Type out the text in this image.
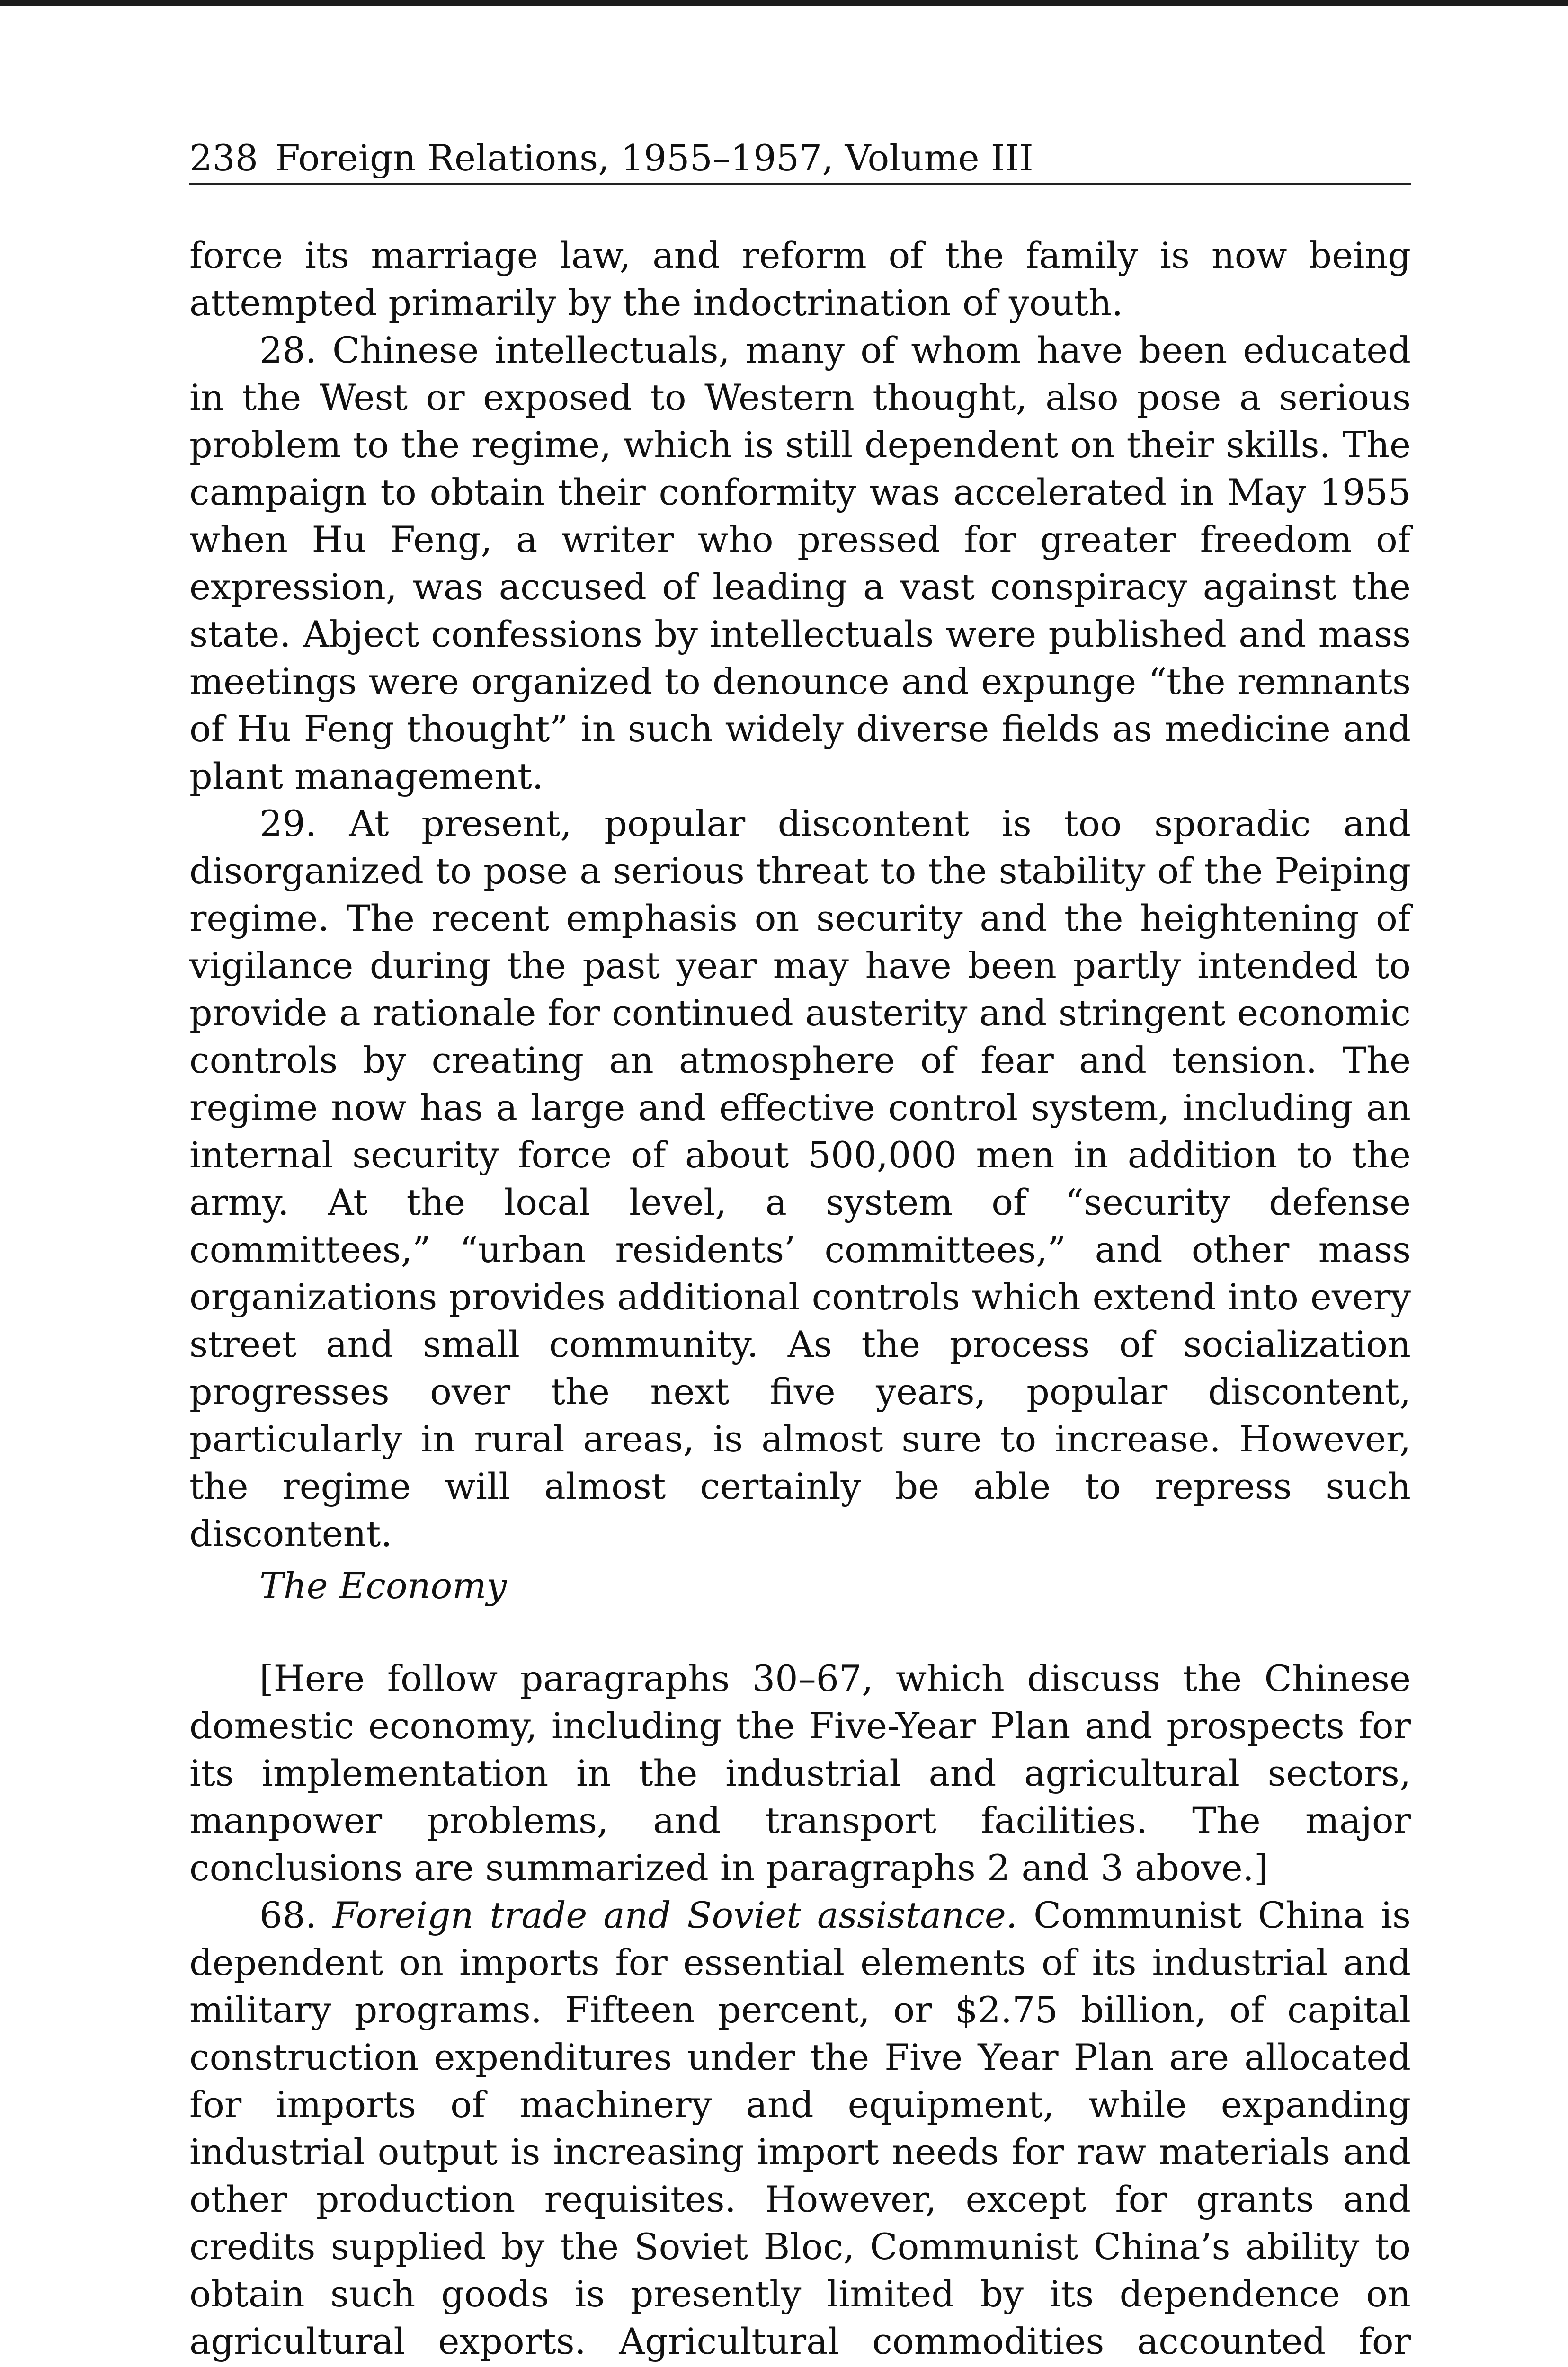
238 Foreign Relations, 1955–1957, Volume III

force its marriage law, and reform of the family is now being attempted primarily by the indoctrination of youth.

28. Chinese intellectuals, many of whom have been educated in the West or exposed to Western thought, also pose a serious problem to the regime, which is still dependent on their skills. The campaign to obtain their conformity was accelerated in May 1955 when Hu Feng, a writer who pressed for greater freedom of expression, was accused of leading a vast conspiracy against the state. Abject confessions by intellectuals were published and mass meetings were organized to denounce and expunge “the remnants of Hu Feng thought” in such widely diverse fields as medicine and plant management.

29. At present, popular discontent is too sporadic and disorganized to pose a serious threat to the stability of the Peiping regime. The recent emphasis on security and the heightening of vigilance during the past year may have been partly intended to provide a rationale for continued austerity and stringent economic controls by creating an atmosphere of fear and tension. The regime now has a large and effective control system, including an internal security force of about 500,000 men in addition to the army. At the local level, a system of “security defense committees,” “urban residents’ committees,” and other mass organizations provides additional controls which extend into every street and small community. As the process of socialization progresses over the next five years, popular discontent, particularly in rural areas, is almost sure to increase. However, the regime will almost certainly be able to repress such discontent.

The Economy

[Here follow paragraphs 30–67, which discuss the Chinese domestic economy, including the Five-Year Plan and prospects for its implementation in the industrial and agricultural sectors, manpower problems, and transport facilities. The major conclusions are summarized in paragraphs 2 and 3 above.]

68. Foreign trade and Soviet assistance. Communist China is dependent on imports for essential elements of its industrial and military programs. Fifteen percent, or $2.75 billion, of capital construction expenditures under the Five Year Plan are allocated for imports of machinery and equipment, while expanding industrial output is increasing import needs for raw materials and other production requisites. However, except for grants and credits supplied by the Soviet Bloc, Communist China’s ability to obtain such goods is presently limited by its dependence on agricultural exports. Agricultural commodities accounted for
